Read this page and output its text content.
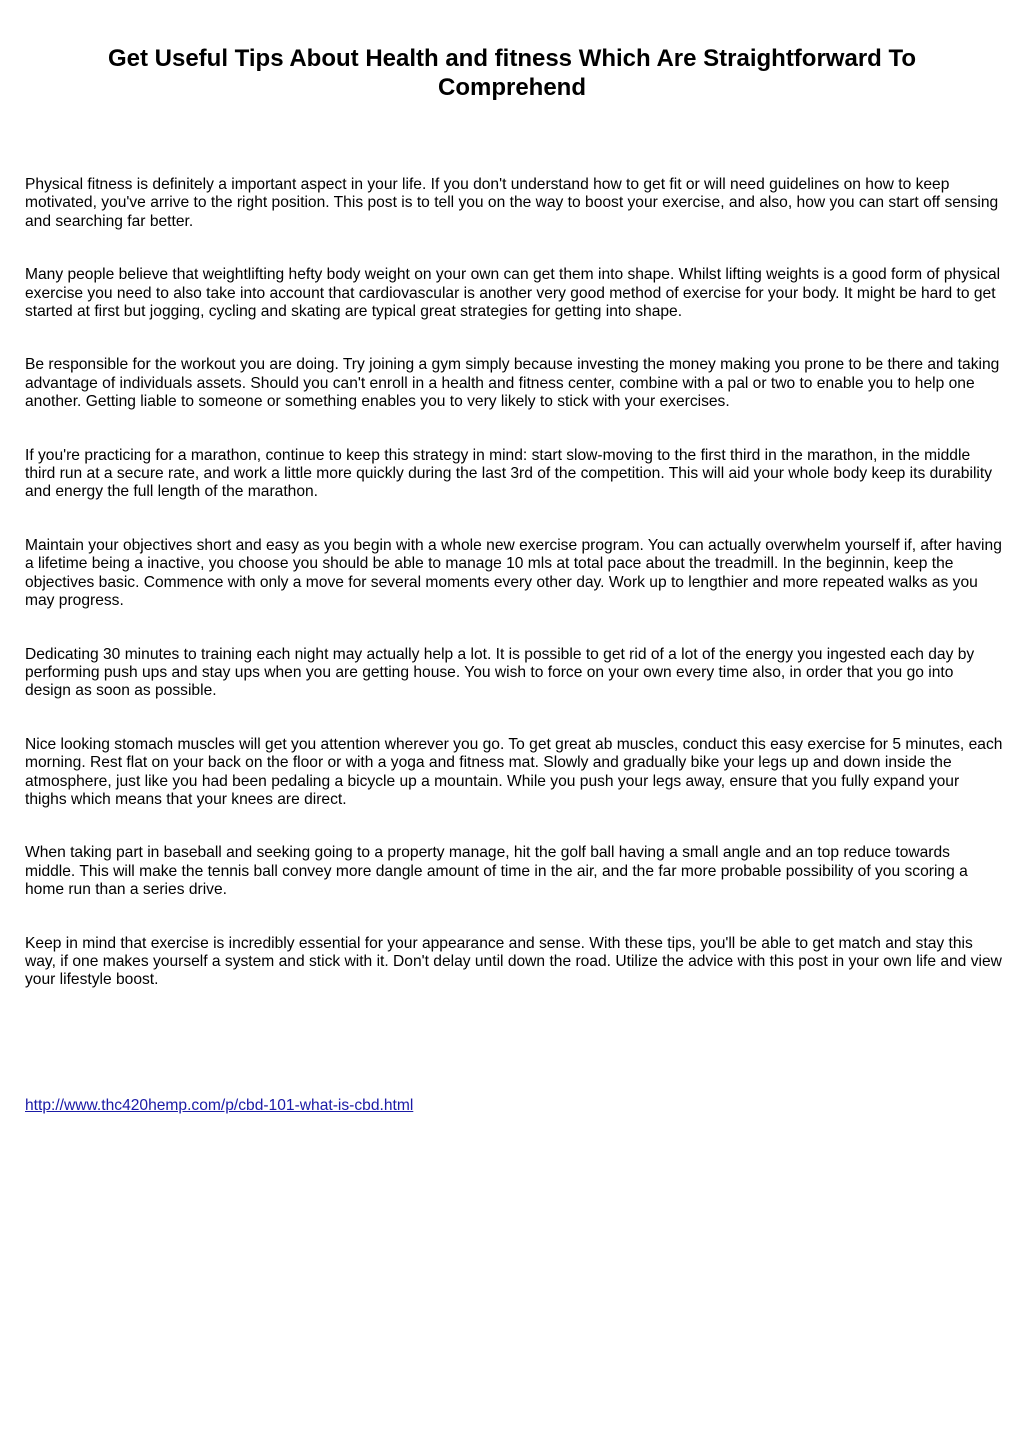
Get Useful Tips About Health and fitness Which Are Straightforward To Comprehend

Physical fitness is definitely a important aspect in your life. If you don't understand how to get fit or will need guidelines on how to keep motivated, you've arrive to the right position. This post is to tell you on the way to boost your exercise, and also, how you can start off sensing and searching far better.

Many people believe that weightlifting hefty body weight on your own can get them into shape. Whilst lifting weights is a good form of physical exercise you need to also take into account that cardiovascular is another very good method of exercise for your body. It might be hard to get started at first but jogging, cycling and skating are typical great strategies for getting into shape.

Be responsible for the workout you are doing. Try joining a gym simply because investing the money making you prone to be there and taking advantage of individuals assets. Should you can't enroll in a health and fitness center, combine with a pal or two to enable you to help one another. Getting liable to someone or something enables you to very likely to stick with your exercises.

If you're practicing for a marathon, continue to keep this strategy in mind: start slow-moving to the first third in the marathon, in the middle third run at a secure rate, and work a little more quickly during the last 3rd of the competition. This will aid your whole body keep its durability and energy the full length of the marathon.

Maintain your objectives short and easy as you begin with a whole new exercise program. You can actually overwhelm yourself if, after having a lifetime being a inactive, you choose you should be able to manage 10 mls at total pace about the treadmill. In the beginnin, keep the objectives basic. Commence with only a move for several moments every other day. Work up to lengthier and more repeated walks as you may progress.

Dedicating 30 minutes to training each night may actually help a lot. It is possible to get rid of a lot of the energy you ingested each day by performing push ups and stay ups when you are getting house. You wish to force on your own every time also, in order that you go into design as soon as possible.

Nice looking stomach muscles will get you attention wherever you go. To get great ab muscles, conduct this easy exercise for 5 minutes, each morning. Rest flat on your back on the floor or with a yoga and fitness mat. Slowly and gradually bike your legs up and down inside the atmosphere, just like you had been pedaling a bicycle up a mountain. While you push your legs away, ensure that you fully expand your thighs which means that your knees are direct.

When taking part in baseball and seeking going to a property manage, hit the golf ball having a small angle and an top reduce towards middle. This will make the tennis ball convey more dangle amount of time in the air, and the far more probable possibility of you scoring a home run than a series drive.

Keep in mind that exercise is incredibly essential for your appearance and sense. With these tips, you'll be able to get match and stay this way, if one makes yourself a system and stick with it. Don't delay until down the road. Utilize the advice with this post in your own life and view your lifestyle boost.

http://www.thc420hemp.com/p/cbd-101-what-is-cbd.html
